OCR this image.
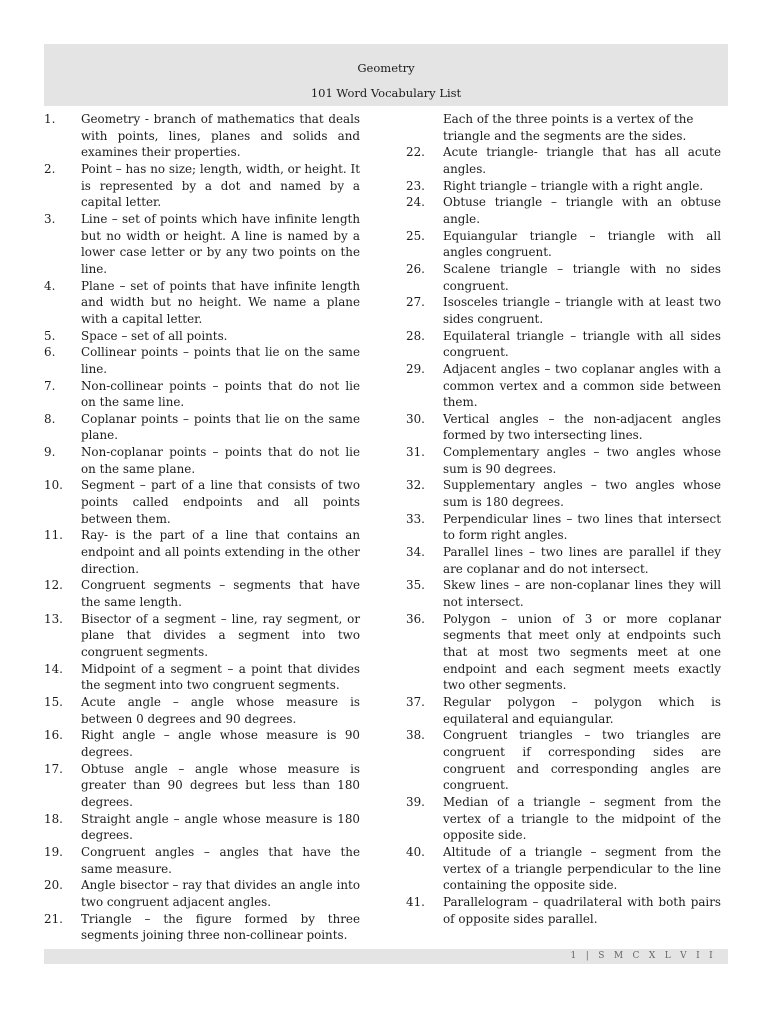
Geometry
101 Word Vocabulary List
1.	Geometry - branch of mathematics that deals with points, lines, planes and solids and examines their properties.
2.	Point – has no size; length, width, or height. It is represented by a dot and named by a capital letter.
3.	Line – set of points which have infinite length but no width or height. A line is named by a lower case letter or by any two points on the line.
4.	Plane – set of points that have infinite length and width but no height. We name a plane with a capital letter.
5.	Space – set of all points.
6.	Collinear points – points that lie on the same line.
7.	Non-collinear points – points that do not lie on the same line.
8.	Coplanar points – points that lie on the same plane.
9.	Non-coplanar points – points that do not lie on the same plane.
10.	Segment – part of a line that consists of two points called endpoints and all points between them.
11.	Ray- is the part of a line that contains an endpoint and all points extending in the other direction.
12.	Congruent segments – segments that have the same length.
13.	Bisector of a segment – line, ray segment, or plane that divides a segment into two congruent segments.
14.	Midpoint of a segment – a point that divides the segment into two congruent segments.
15.	Acute angle – angle whose measure is between 0 degrees and 90 degrees.
16.	Right angle – angle whose measure is 90 degrees.
17.	Obtuse angle – angle whose measure is greater than 90 degrees but less than 180 degrees.
18.	Straight angle – angle whose measure is 180 degrees.
19.	Congruent angles – angles that have the same measure.
20.	Angle bisector – ray that divides an angle into two congruent adjacent angles.
21.	Triangle – the figure formed by three segments joining three non-collinear points.
Each of the three points is a vertex of the triangle and the segments are the sides.
22.	Acute triangle- triangle that has all acute angles.
23.	Right triangle – triangle with a right angle.
24.	Obtuse triangle – triangle with an obtuse angle.
25.	Equiangular triangle – triangle with all angles congruent.
26.	Scalene triangle – triangle with no sides congruent.
27.	Isosceles triangle – triangle with at least two sides congruent.
28.	Equilateral triangle – triangle with all sides congruent.
29.	Adjacent angles – two coplanar angles with a common vertex and a common side between them.
30.	Vertical angles – the non-adjacent angles formed by two intersecting lines.
31.	Complementary angles – two angles whose sum is 90 degrees.
32.	Supplementary angles – two angles whose sum is 180 degrees.
33.	Perpendicular lines – two lines that intersect to form right angles.
34.	Parallel lines – two lines are parallel if they are coplanar and do not intersect.
35.	Skew lines – are non-coplanar lines they will not intersect.
36.	Polygon – union of 3 or more coplanar segments that meet only at endpoints such that at most two segments meet at one endpoint and each segment meets exactly two other segments.
37.	Regular polygon – polygon which is equilateral and equiangular.
38.	Congruent triangles – two triangles are congruent if corresponding sides are congruent and corresponding angles are congruent.
39.	Median of a triangle – segment from the vertex of a triangle to the midpoint of the opposite side.
40.	Altitude of a triangle – segment from the vertex of a triangle perpendicular to the line containing the opposite side.
41.	Parallelogram – quadrilateral with both pairs of opposite sides parallel.
1 | S M C X L V I I
